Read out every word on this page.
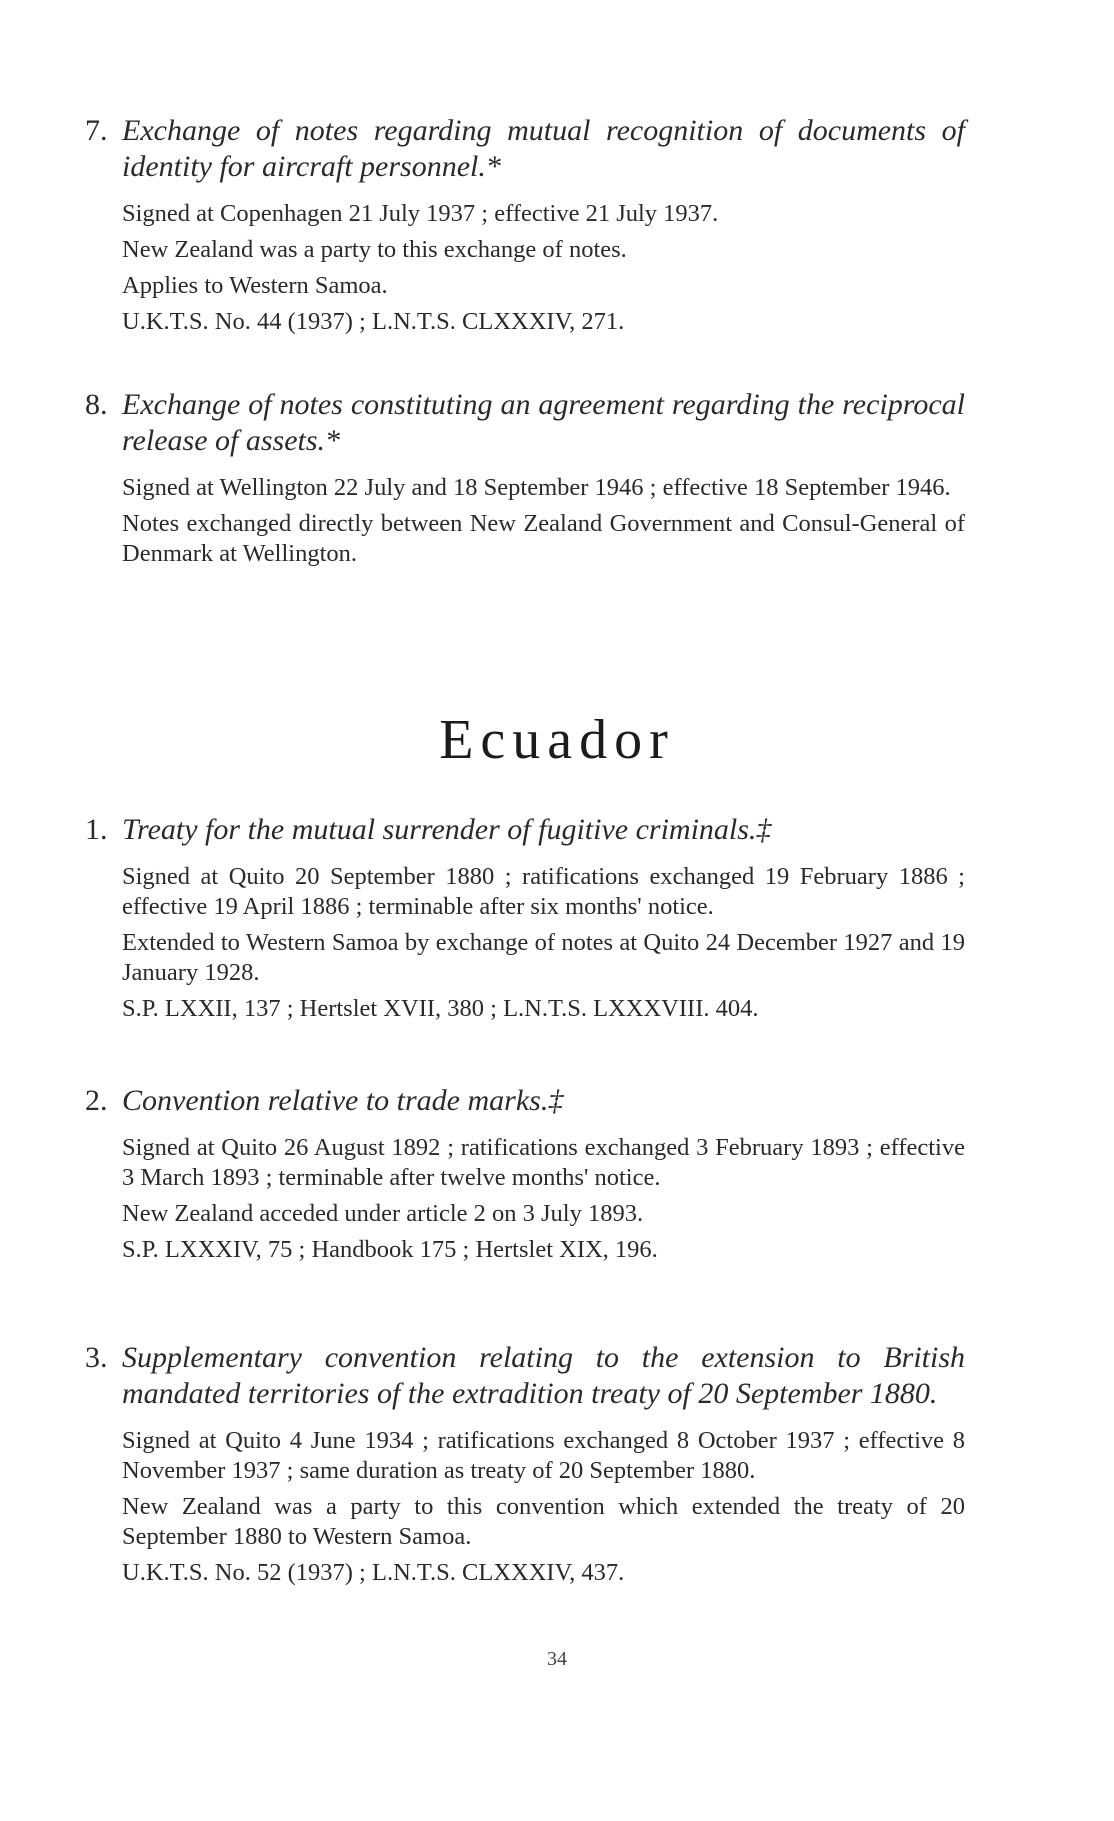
7. Exchange of notes regarding mutual recognition of documents of identity for aircraft personnel.*
Signed at Copenhagen 21 July 1937 ; effective 21 July 1937.
New Zealand was a party to this exchange of notes.
Applies to Western Samoa.
U.K.T.S. No. 44 (1937) ; L.N.T.S. CLXXXIV, 271.
8. Exchange of notes constituting an agreement regarding the reciprocal release of assets.*
Signed at Wellington 22 July and 18 September 1946 ; effective 18 September 1946.
Notes exchanged directly between New Zealand Government and Consul-General of Denmark at Wellington.
Ecuador
1. Treaty for the mutual surrender of fugitive criminals.‡
Signed at Quito 20 September 1880 ; ratifications exchanged 19 February 1886 ; effective 19 April 1886 ; terminable after six months' notice.
Extended to Western Samoa by exchange of notes at Quito 24 December 1927 and 19 January 1928.
S.P. LXXII, 137 ; Hertslet XVII, 380 ; L.N.T.S. LXXXVIII. 404.
2. Convention relative to trade marks.‡
Signed at Quito 26 August 1892 ; ratifications exchanged 3 February 1893 ; effective 3 March 1893 ; terminable after twelve months' notice.
New Zealand acceded under article 2 on 3 July 1893.
S.P. LXXXIV, 75 ; Handbook 175 ; Hertslet XIX, 196.
3. Supplementary convention relating to the extension to British mandated territories of the extradition treaty of 20 September 1880.
Signed at Quito 4 June 1934 ; ratifications exchanged 8 October 1937 ; effective 8 November 1937 ; same duration as treaty of 20 September 1880.
New Zealand was a party to this convention which extended the treaty of 20 September 1880 to Western Samoa.
U.K.T.S. No. 52 (1937) ; L.N.T.S. CLXXXIV, 437.
34
